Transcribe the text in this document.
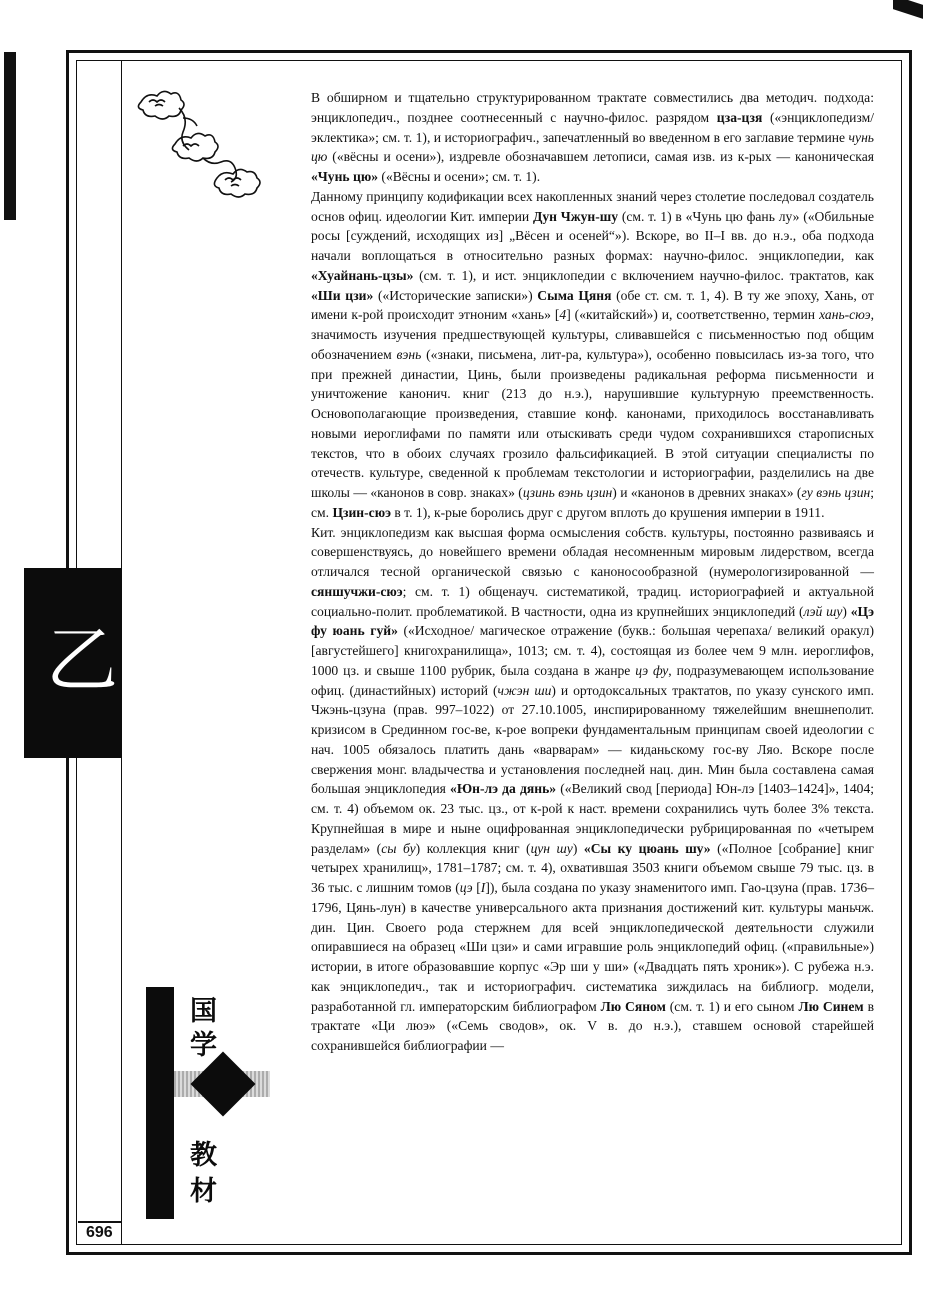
乙
国
学
教
材
696

В обширном и тщательно структурированном трактате совместились два методич. подхода: энциклопедич., позднее соотнесенный с научно-филос. разрядом цза-цзя («энциклопедизм/эклектика»; см. т. 1), и историографич., запечатленный во введенном в его заглавие термине чунь цю («вёсны и осени»), издревле обозначавшем летописи, самая изв. из к-рых — каноническая «Чунь цю» («Вёсны и осени»; см. т. 1).

Данному принципу кодификации всех накопленных знаний через столетие последовал создатель основ офиц. идеологии Кит. империи Дун Чжун-шу (см. т. 1) в «Чунь цю фань лу» («Обильные росы [суждений, исходящих из] „Вёсен и осеней“»). Вскоре, во II–I вв. до н.э., оба подхода начали воплощаться в относительно разных формах: научно-филос. энциклопедии, как «Хуайнань-цзы» (см. т. 1), и ист. энциклопедии с включением научно-филос. трактатов, как «Ши цзи» («Исторические записки») Сыма Цяня (обе ст. см. т. 1, 4). В ту же эпоху, Хань, от имени к-рой происходит этноним «хань» [4] («китайский») и, соответственно, термин хань-сюэ, значимость изучения предшествующей культуры, сливавшейся с письменностью под общим обозначением вэнь («знаки, письмена, лит-ра, культура»), особенно повысилась из-за того, что при прежней династии, Цинь, были произведены радикальная реформа письменности и уничтожение канонич. книг (213 до н.э.), нарушившие культурную преемственность. Основополагающие произведения, ставшие конф. канонами, приходилось восстанавливать новыми иероглифами по памяти или отыскивать среди чудом сохранившихся старописных текстов, что в обоих случаях грозило фальсификацией. В этой ситуации специалисты по отечеств. культуре, сведенной к проблемам текстологии и историографии, разделились на две школы — «канонов в совр. знаках» (цзинь вэнь цзин) и «канонов в древних знаках» (гу вэнь цзин; см. Цзин-сюэ в т. 1), к-рые боролись друг с другом вплоть до крушения империи в 1911.

Кит. энциклопедизм как высшая форма осмысления собств. культуры, постоянно развиваясь и совершенствуясь, до новейшего времени обладая несомненным мировым лидерством, всегда отличался тесной органической связью с каноносообразной (нумерологизированной — сяншучжи-сюэ; см. т. 1) общенауч. систематикой, традиц. историографией и актуальной социально-полит. проблематикой. В частности, одна из крупнейших энциклопедий (лэй шу) «Цэ фу юань гуй» («Исходное/ магическое отражение (букв.: большая черепаха/ великий оракул) [августейшего] книгохранилища», 1013; см. т. 4), состоящая из более чем 9 млн. иероглифов, 1000 цз. и свыше 1100 рубрик, была создана в жанре цэ фу, подразумевающем использование офиц. (династийных) историй (чжэн ши) и ортодоксальных трактатов, по указу сунского имп. Чжэнь-цзуна (прав. 997–1022) от 27.10.1005, инспирированному тяжелейшим внешнеполит. кризисом в Срединном гос-ве, к-рое вопреки фундаментальным принципам своей идеологии с нач. 1005 обязалось платить дань «варварам» — киданьскому гос-ву Ляо. Вскоре после свержения монг. владычества и установления последней нац. дин. Мин была составлена самая большая энциклопедия «Юн-лэ да дянь» («Великий свод [периода] Юн-лэ [1403–1424]», 1404; см. т. 4) объемом ок. 23 тыс. цз., от к-рой к наст. времени сохранились чуть более 3% текста. Крупнейшая в мире и ныне оцифрованная энциклопедически рубрицированная по «четырем разделам» (сы бу) коллекция книг (цун шу) «Сы ку цюань шу» («Полное [собрание] книг четырех хранилищ», 1781–1787; см. т. 4), охватившая 3503 книги объемом свыше 79 тыс. цз. в 36 тыс. с лишним томов (цэ [I]), была создана по указу знаменитого имп. Гао-цзуна (прав. 1736–1796, Цянь-лун) в качестве универсального акта признания достижений кит. культуры маньчж. дин. Цин. Своего рода стержнем для всей энциклопедической деятельности служили опиравшиеся на образец «Ши цзи» и сами игравшие роль энциклопедий офиц. («правильные») истории, в итоге образовавшие корпус «Эр ши у ши» («Двадцать пять хроник»). С рубежа н.э. как энциклопедич., так и историографич. систематика зиждилась на библиогр. модели, разработанной гл. императорским библиографом Лю Сяном (см. т. 1) и его сыном Лю Синем в трактате «Ци люэ» («Семь сводов», ок. V в. до н.э.), ставшем основой старейшей сохранившейся библиографии —
